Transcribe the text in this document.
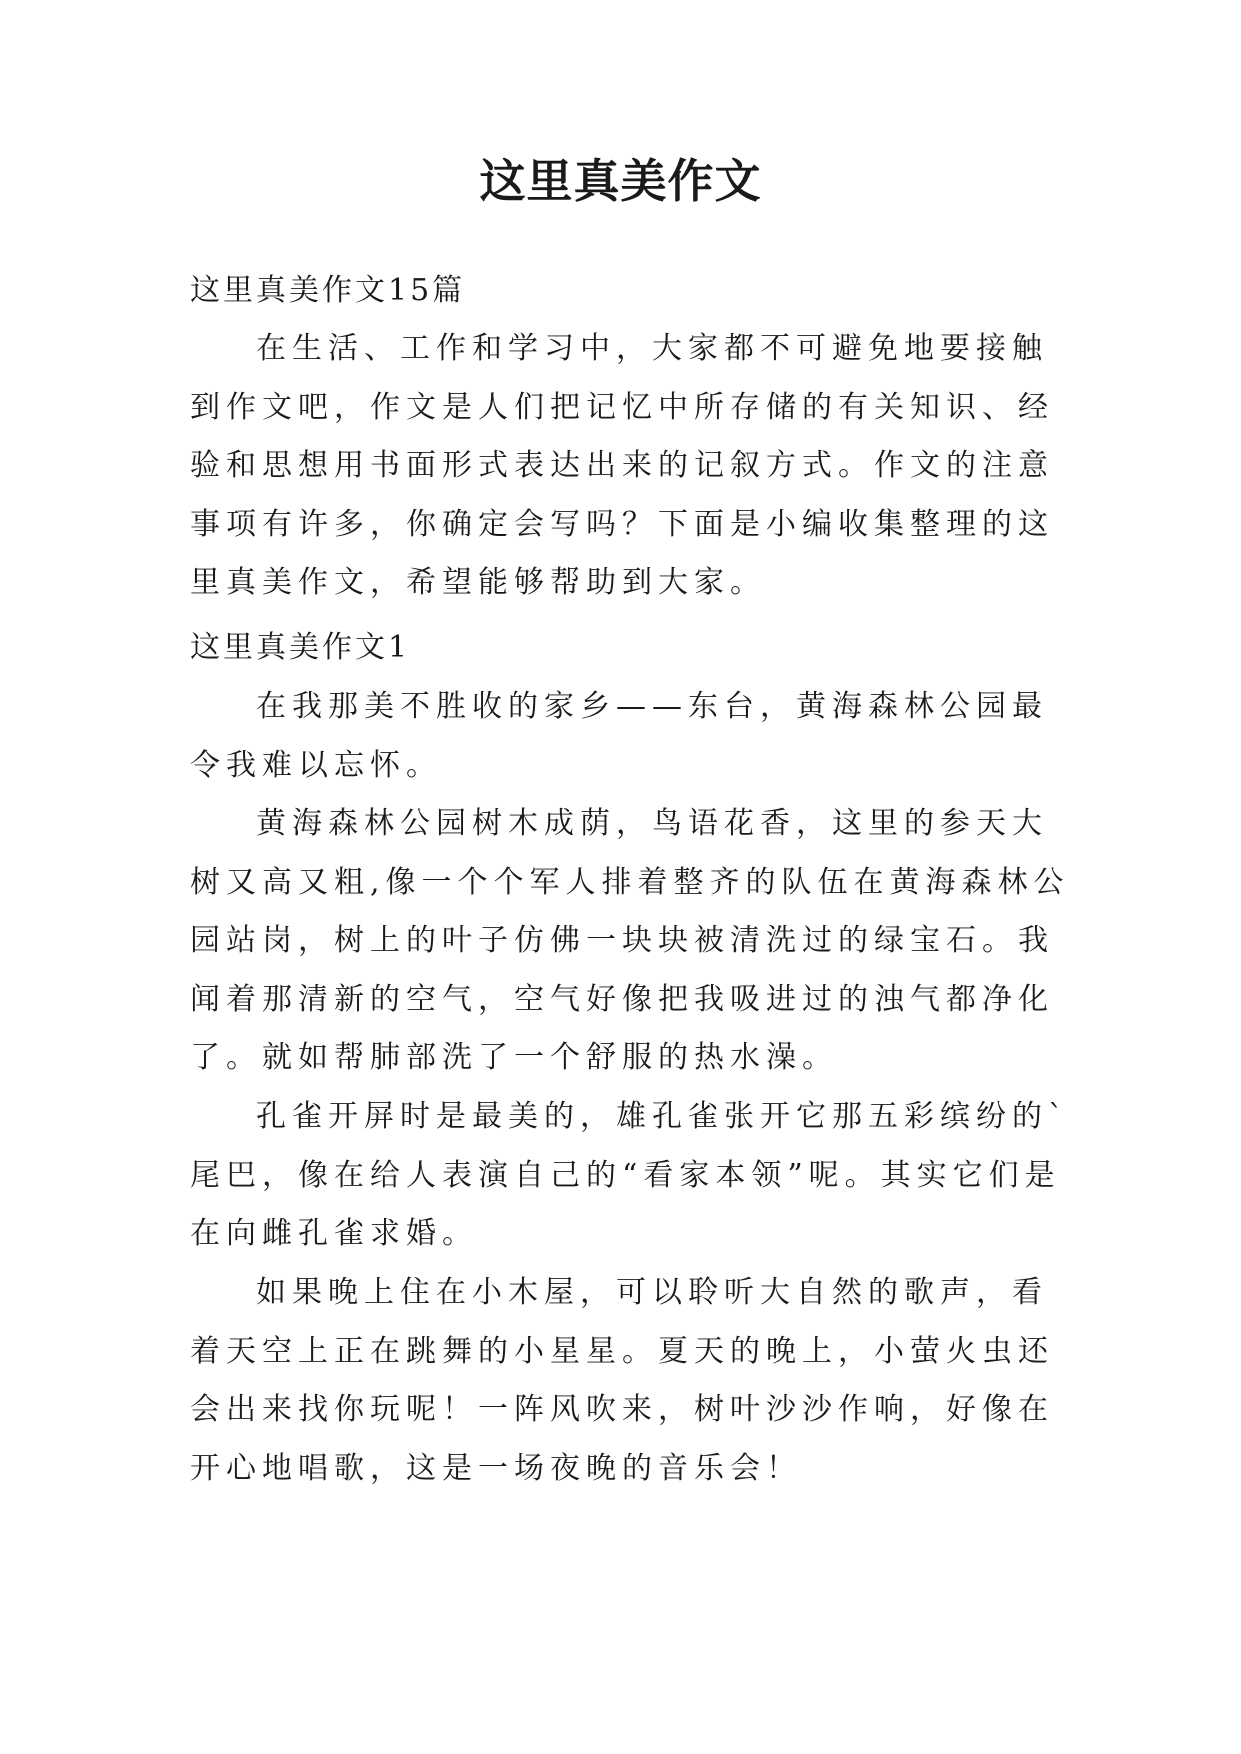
这里真美作文

这里真美作文15篇

在生活、工作和学习中，大家都不可避免地要接触到作文吧，作文是人们把记忆中所存储的有关知识、经验和思想用书面形式表达出来的记叙方式。作文的注意事项有许多，你确定会写吗？下面是小编收集整理的这里真美作文，希望能够帮助到大家。

这里真美作文1

在我那美不胜收的家乡——东台，黄海森林公园最令我难以忘怀。

黄海森林公园树木成荫，鸟语花香，这里的参天大树又高又粗,像一个个军人排着整齐的队伍在黄海森林公园站岗，树上的叶子仿佛一块块被清洗过的绿宝石。我闻着那清新的空气，空气好像把我吸进过的浊气都净化了。就如帮肺部洗了一个舒服的热水澡。

孔雀开屏时是最美的，雄孔雀张开它那五彩缤纷的`尾巴，像在给人表演自己的“看家本领”呢。其实它们是在向雌孔雀求婚。

如果晚上住在小木屋，可以聆听大自然的歌声，看着天空上正在跳舞的小星星。夏天的晚上，小萤火虫还会出来找你玩呢！一阵风吹来，树叶沙沙作响，好像在开心地唱歌，这是一场夜晚的音乐会！
